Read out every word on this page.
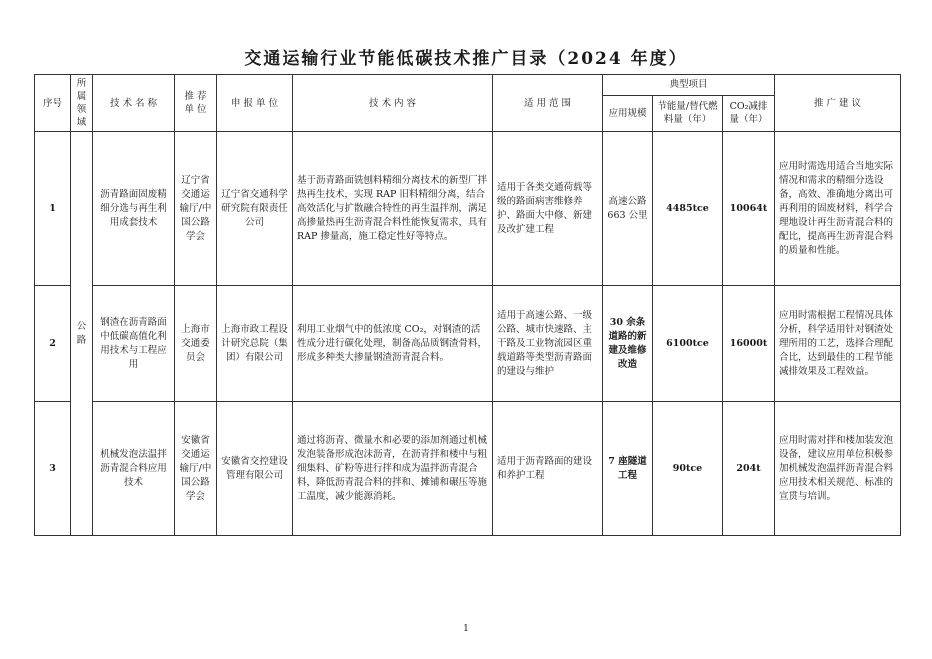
交通运输行业节能低碳技术推广目录（2024 年度）
序号	所属领域	技 术 名 称	推 荐 单 位	申 报 单 位	技 术 内 容	适 用 范 围	典型项目			推 广 建 议
							应用规模	节能量/替代燃料量（年）	CO₂减排量（年）	
1	公路	沥青路面固废精细分选与再生利用成套技术	辽宁省交通运输厅/中国公路学会	辽宁省交通科学研究院有限责任公司	基于沥青路面铣刨料精细分离技术的新型厂拌热再生技术，实现 RAP 旧料精细分离，结合高效活化与扩散融合特性的再生温拌剂，满足高掺量热再生沥青混合料性能恢复需求，具有 RAP 掺量高，施工稳定性好等特点。	适用于各类交通荷载等级的路面病害维修养护、路面大中修、新建及改扩建工程	高速公路 663 公里	4485tce	10064t	应用时需选用适合当地实际情况和需求的精细分选设备，高效、准确地分离出可再利用的固废材料，科学合理地设计再生沥青混合料的配比，提高再生沥青混合料的质量和性能。
2		钢渣在沥青路面中低碳高值化利用技术与工程应用	上海市交通委员会	上海市政工程设计研究总院（集团）有限公司	利用工业烟气中的低浓度 CO₂，对钢渣的活性成分进行碳化处理，制备高品质钢渣骨料，形成多种类大掺量钢渣沥青混合料。	适用于高速公路、一级公路、城市快速路、主干路及工业物流园区重载道路等类型沥青路面的建设与维护	30 余条道路的新建及维修改造	6100tce	16000t	应用时需根据工程情况具体分析，科学适用针对钢渣处理所用的工艺，选择合理配合比，达到最佳的工程节能减排效果及工程效益。
3		机械发泡法温拌沥青混合料应用技术	安徽省交通运输厅/中国公路学会	安徽省交控建设管理有限公司	通过将沥青、微量水和必要的添加剂通过机械发泡装备形成泡沫沥青，在沥青拌和楼中与粗细集料、矿粉等进行拌和成为温拌沥青混合料，降低沥青混合料的拌和、摊铺和碾压等施工温度，减少能源消耗。	适用于沥青路面的建设和养护工程	7 座隧道工程	90tce	204t	应用时需对拌和楼加装发泡设备，建议应用单位积极参加机械发泡温拌沥青混合料应用技术相关规范、标准的宣贯与培训。
1
